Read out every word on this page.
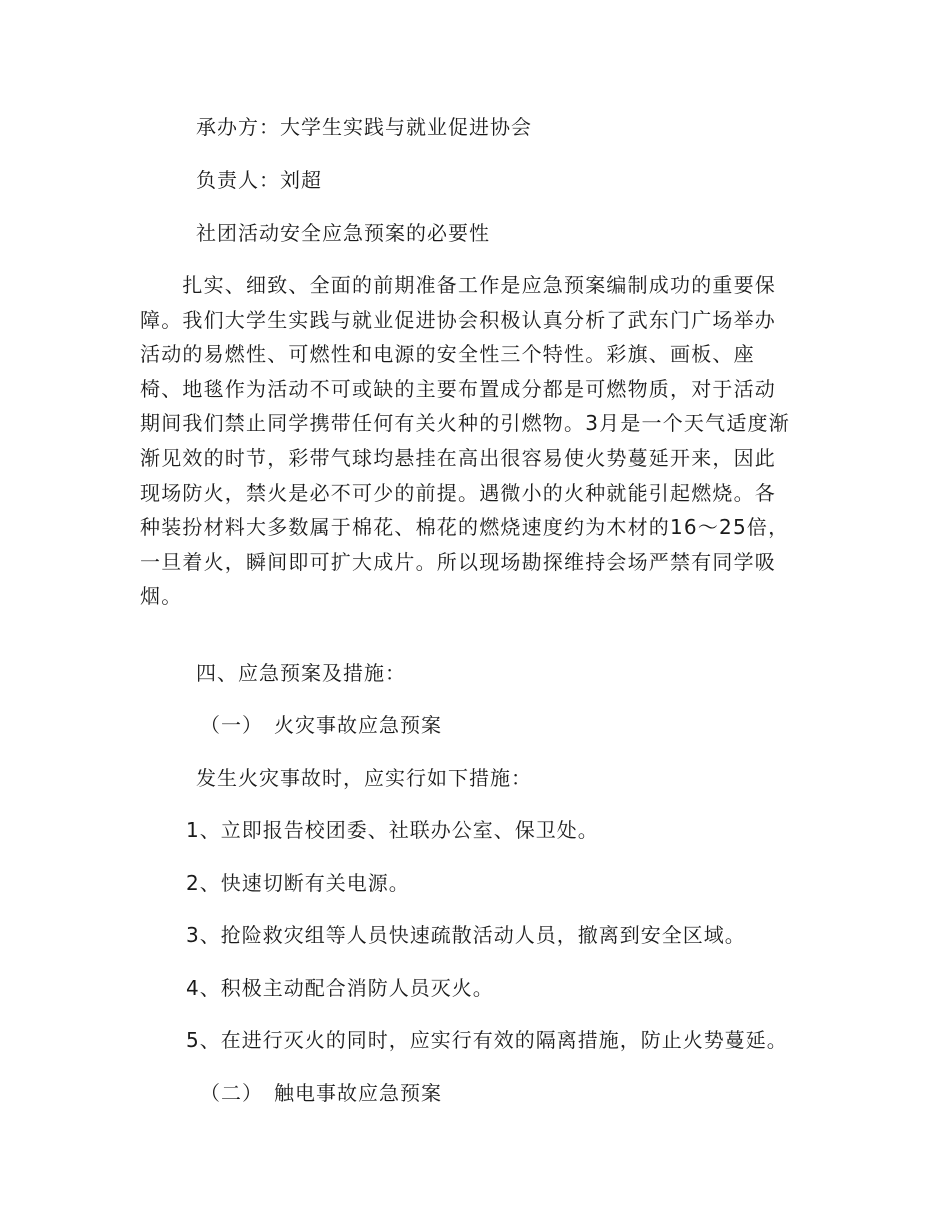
承办方：大学生实践与就业促进协会
负责人：刘超
社团活动安全应急预案的必要性
　　扎实、细致、全面的前期准备工作是应急预案编制成功的重要保
障。我们大学生实践与就业促进协会积极认真分析了武东门广场举办
活动的易燃性、可燃性和电源的安全性三个特性。彩旗、画板、座
椅、地毯作为活动不可或缺的主要布置成分都是可燃物质，对于活动
期间我们禁止同学携带任何有关火种的引燃物。3月是一个天气适度渐
渐见效的时节，彩带气球均悬挂在高出很容易使火势蔓延开来，因此
现场防火，禁火是必不可少的前提。遇微小的火种就能引起燃烧。各
种装扮材料大多数属于棉花、棉花的燃烧速度约为木材的16～25倍，
一旦着火，瞬间即可扩大成片。所以现场勘探维持会场严禁有同学吸
烟。
四、应急预案及措施：
（一）　火灾事故应急预案
发生火灾事故时，应实行如下措施：
1、立即报告校团委、社联办公室、保卫处。
2、快速切断有关电源。
3、抢险救灾组等人员快速疏散活动人员，撤离到安全区域。
4、积极主动配合消防人员灭火。
5、在进行灭火的同时，应实行有效的隔离措施，防止火势蔓延。
（二）　触电事故应急预案
